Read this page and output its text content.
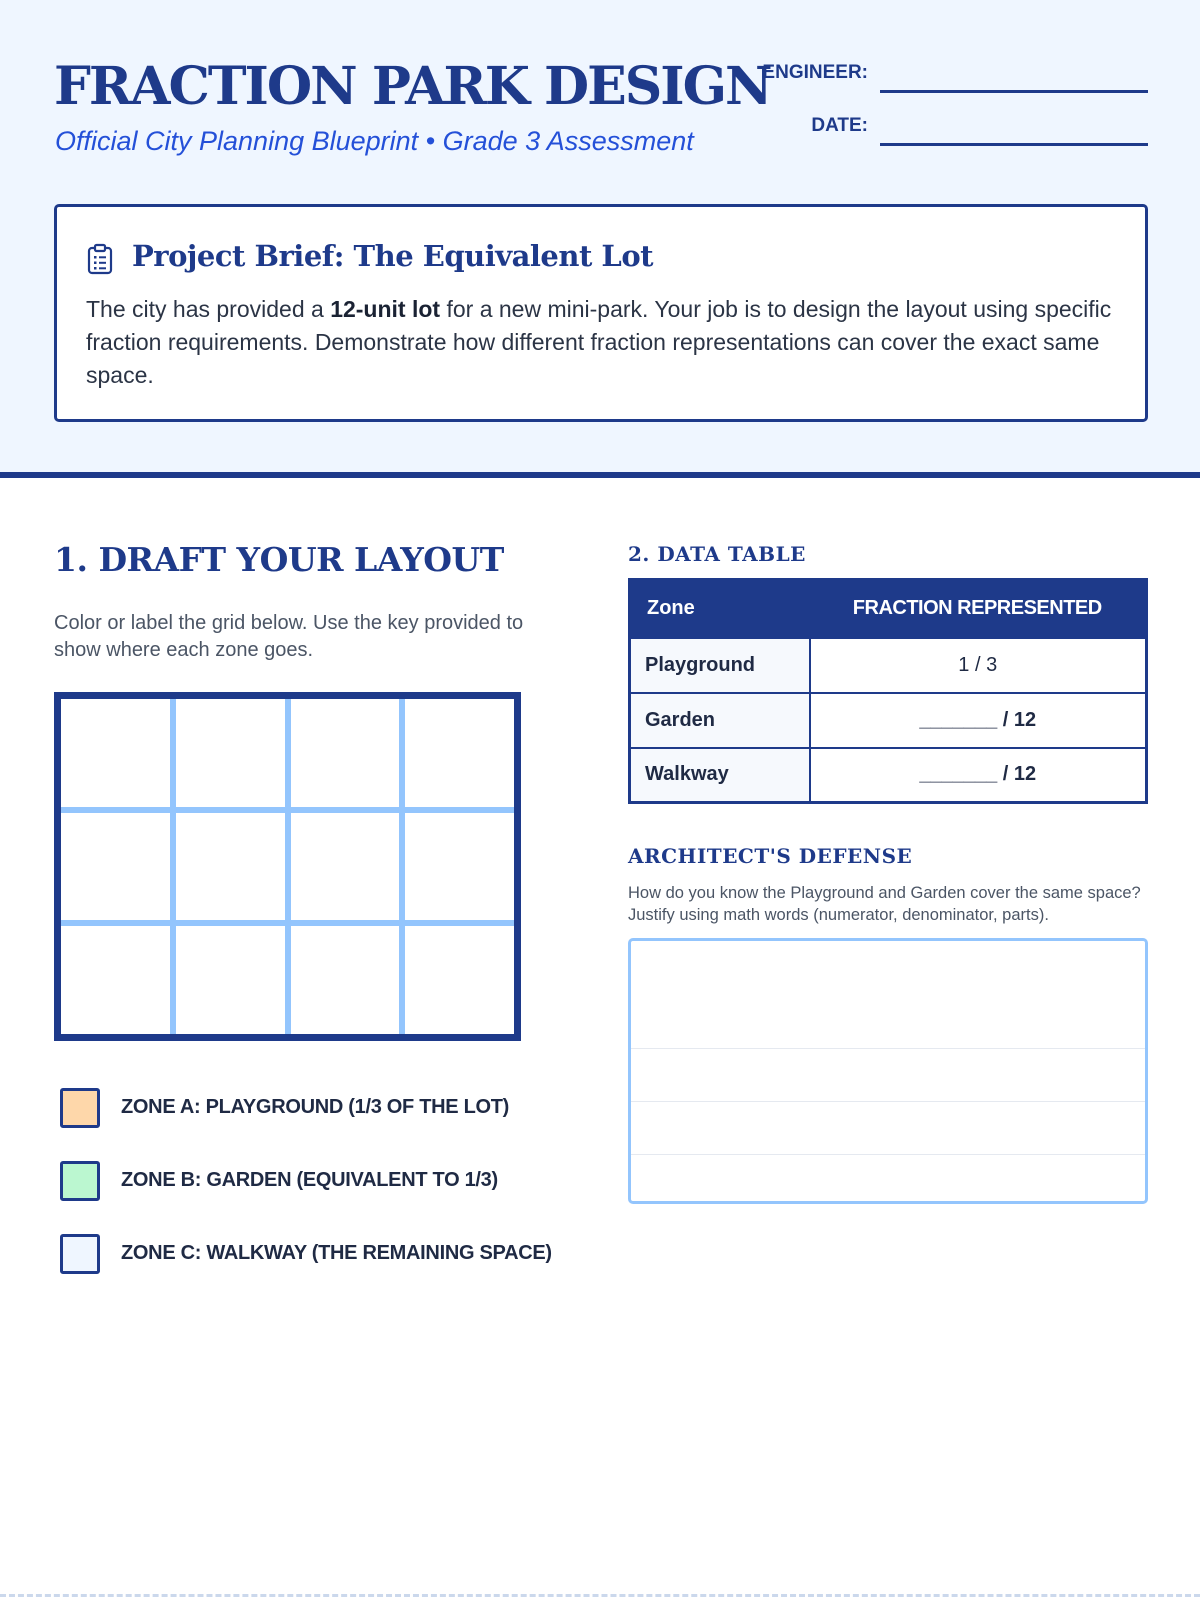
FRACTION PARK DESIGN
Official City Planning Blueprint • Grade 3 Assessment
ENGINEER:
DATE:
Project Brief: The Equivalent Lot
The city has provided a 12-unit lot for a new mini-park. Your job is to design the layout using specific fraction requirements. Demonstrate how different fraction representations can cover the exact same space.
1. DRAFT YOUR LAYOUT
Color or label the grid below. Use the key provided to show where each zone goes.
ZONE A: PLAYGROUND (1/3 OF THE LOT)
ZONE B: GARDEN (EQUIVALENT TO 1/3)
ZONE C: WALKWAY (THE REMAINING SPACE)
2. DATA TABLE
Zone	FRACTION REPRESENTED
Playground	1 / 3
Garden	_______ / 12
Walkway	_______ / 12
ARCHITECT'S DEFENSE
How do you know the Playground and Garden cover the same space? Justify using math words (numerator, denominator, parts).
